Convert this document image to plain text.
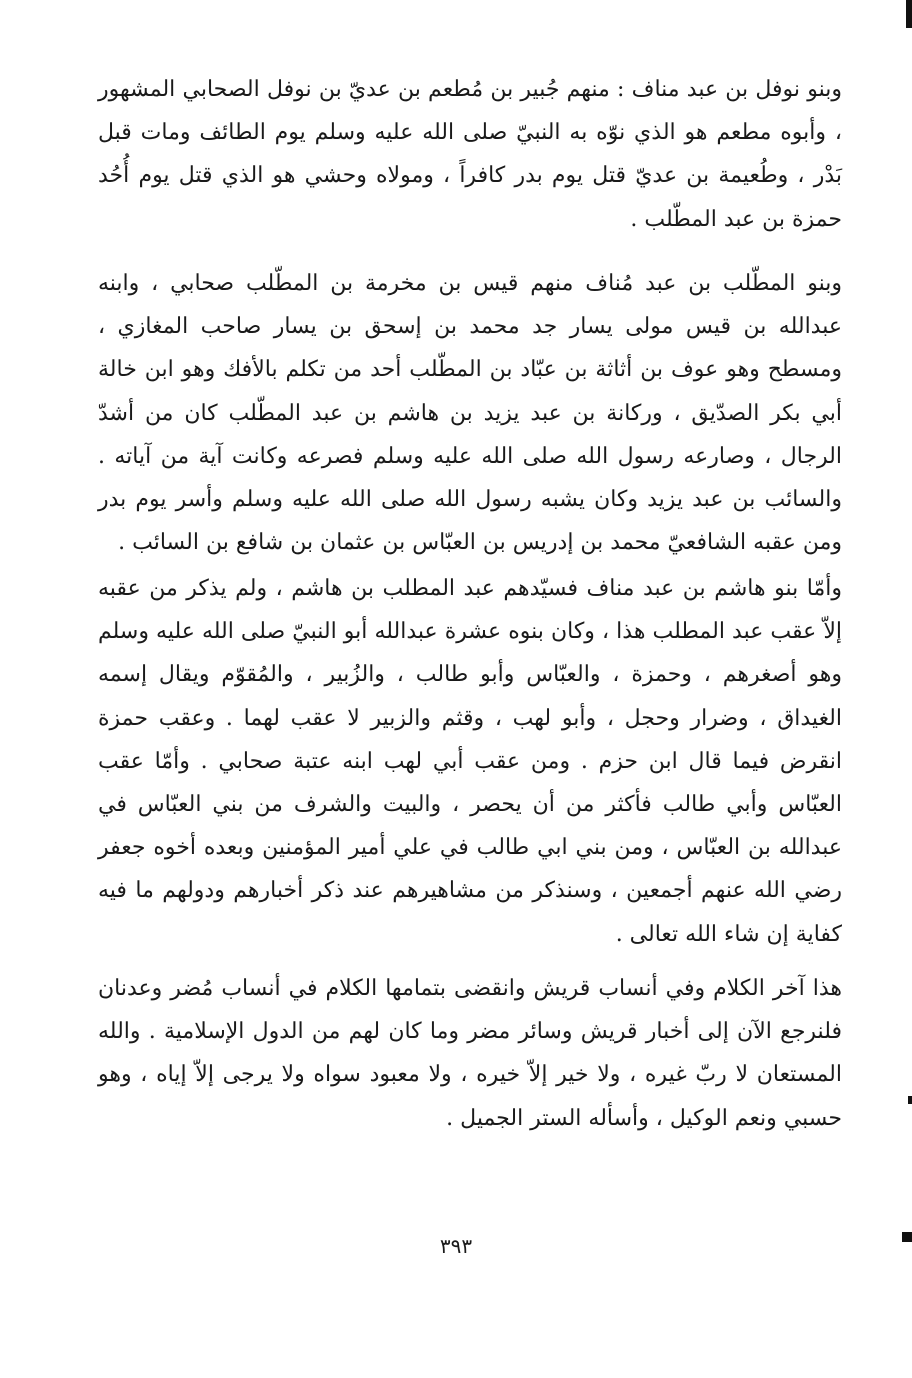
وبنو نوفل بن عبد مناف : منهم جُبير بن مُطعم بن عديّ بن نوفل الصحابي المشهور ، وأبوه مطعم هو الذي نوّه به النبيّ صلى الله عليه وسلم يوم الطائف ومات قبل بَدْر ، وطُعيمة بن عديّ قتل يوم بدر كافراً ، ومولاه وحشي هو الذي قتل يوم أُحُد حمزة بن عبد المطّلب .

وبنو المطّلب بن عبد مُناف منهم قيس بن مخرمة بن المطّلب صحابي ، وابنه عبدالله بن قيس مولى يسار جد محمد بن إسحق بن يسار صاحب المغازي ، ومسطح وهو عوف بن أثاثة بن عبّاد بن المطّلب أحد من تكلم بالأفك وهو ابن خالة أبي بكر الصدّيق ، وركانة بن عبد يزيد بن هاشم بن عبد المطّلب كان من أشدّ الرجال ، وصارعه رسول الله صلى الله عليه وسلم فصرعه وكانت آية من آياته . والسائب بن عبد يزيد وكان يشبه رسول الله صلى الله عليه وسلم وأسر يوم بدر ومن عقبه الشافعيّ محمد بن إدريس بن العبّاس بن عثمان بن شافع بن السائب .

وأمّا بنو هاشم بن عبد مناف فسيّدهم عبد المطلب بن هاشم ، ولم يذكر من عقبه إلاّ عقب عبد المطلب هذا ، وكان بنوه عشرة عبدالله أبو النبيّ صلى الله عليه وسلم وهو أصغرهم ، وحمزة ، والعبّاس وأبو طالب ، والزُبير ، والمُقوّم ويقال إسمه الغيداق ، وضرار وحجل ، وأبو لهب ، وقثم والزبير لا عقب لهما . وعقب حمزة انقرض فيما قال ابن حزم . ومن عقب أبي لهب ابنه عتبة صحابي . وأمّا عقب العبّاس وأبي طالب فأكثر من أن يحصر ، والبيت والشرف من بني العبّاس في عبدالله بن العبّاس ، ومن بني ابي طالب في علي أمير المؤمنين وبعده أخوه جعفر رضي الله عنهم أجمعين ، وسنذكر من مشاهيرهم عند ذكر أخبارهم ودولهم ما فيه كفاية إن شاء الله تعالى .

هذا آخر الكلام وفي أنساب قريش وانقضى بتمامها الكلام في أنساب مُضر وعدنان فلنرجع الآن إلى أخبار قريش وسائر مضر وما كان لهم من الدول الإسلامية . والله المستعان لا ربّ غيره ، ولا خير إلاّ خيره ، ولا معبود سواه ولا يرجى إلاّ إياه ، وهو حسبي ونعم الوكيل ، وأسأله الستر الجميل .

٣٩٣
